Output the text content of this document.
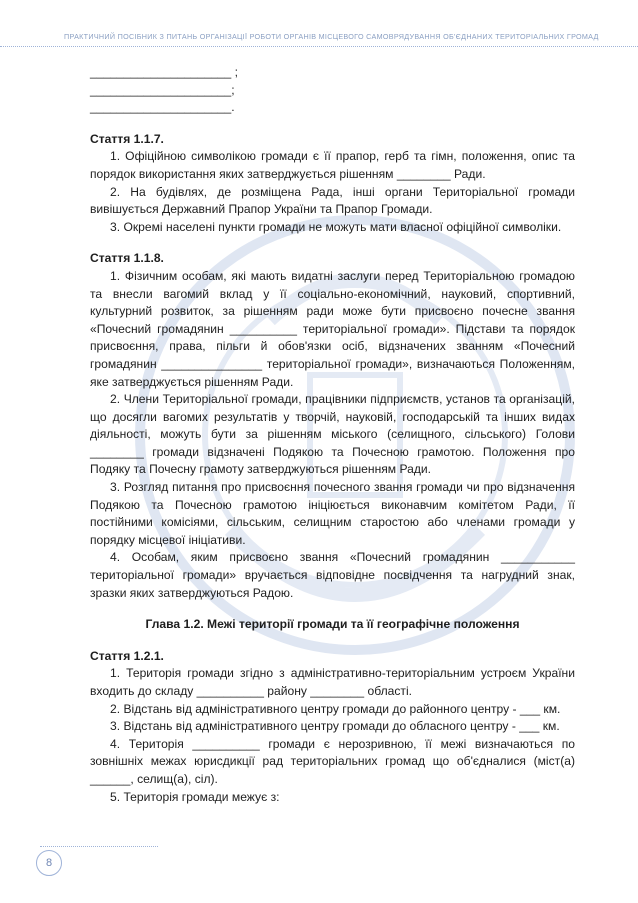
ПРАКТИЧНИЙ ПОСІБНИК З ПИТАНЬ ОРГАНІЗАЦІЇ РОБОТИ ОРГАНІВ МІСЦЕВОГО САМОВРЯДУВАННЯ ОБ'ЄДНАНИХ ТЕРИТОРІАЛЬНИХ ГРОМАД

_____________________ ;

_____________________;

_____________________.

Стаття 1.1.7.

1. Офіційною символікою громади є її прапор, герб та гімн, положення, опис та порядок використання яких затверджується рішенням ________ Ради.

2. На будівлях, де розміщена Рада, інші органи Територіальної громади вивішується Державний Прапор України та Прапор Громади.

3. Окремі населені пункти громади не можуть мати власної офіційної символіки.

Стаття 1.1.8.

1. Фізичним особам, які мають видатні заслуги перед Територіальною громадою та внесли вагомий вклад у її соціально-економічний, науковий, спортивний, культурний розвиток, за рішенням ради може бути присвоєно почесне звання «Почесний громадянин __________ територіальної громади». Підстави та порядок присвоєння, права, пільги й обов'язки осіб, відзначених званням «Почесний громадянин _______________ територіальної громади», визначаються Положенням, яке затверджується рішенням Ради.

2. Члени Територіальної громади, працівники підприємств, установ та організацій, що досягли вагомих результатів у творчій, науковій, господарській та інших видах діяльності, можуть бути за рішенням міського (селищного, сільського) Голови ________ громади відзначені Подякою та Почесною грамотою. Положення про Подяку та Почесну грамоту затверджуються рішенням Ради.

3. Розгляд питання про присвоєння почесного звання громади чи про відзначення Подякою та Почесною грамотою ініціюється виконавчим комітетом Ради, її постійними комісіями, сільським, селищним старостою або членами громади у порядку місцевої ініціативи.

4. Особам, яким присвоєно звання «Почесний громадянин ___________ територіальної громади» вручається відповідне посвідчення та нагрудний знак, зразки яких затверджуються Радою.

Глава 1.2. Межі території громади та її географічне положення

Стаття 1.2.1.

1. Територія громади згідно з адміністративно-територіальним устроєм України входить до складу __________ району ________ області.

2. Відстань від адміністративного центру громади до районного центру - ___ км.

3. Відстань від адміністративного центру громади до обласного центру - ___ км.

4. Територія __________ громади є нерозривною, її межі визначаються по зовнішніх межах юрисдикції рад територіальних громад що об'єдналися (міст(а) ______, селищ(а), сіл).

5. Територія громади межує з:

8
